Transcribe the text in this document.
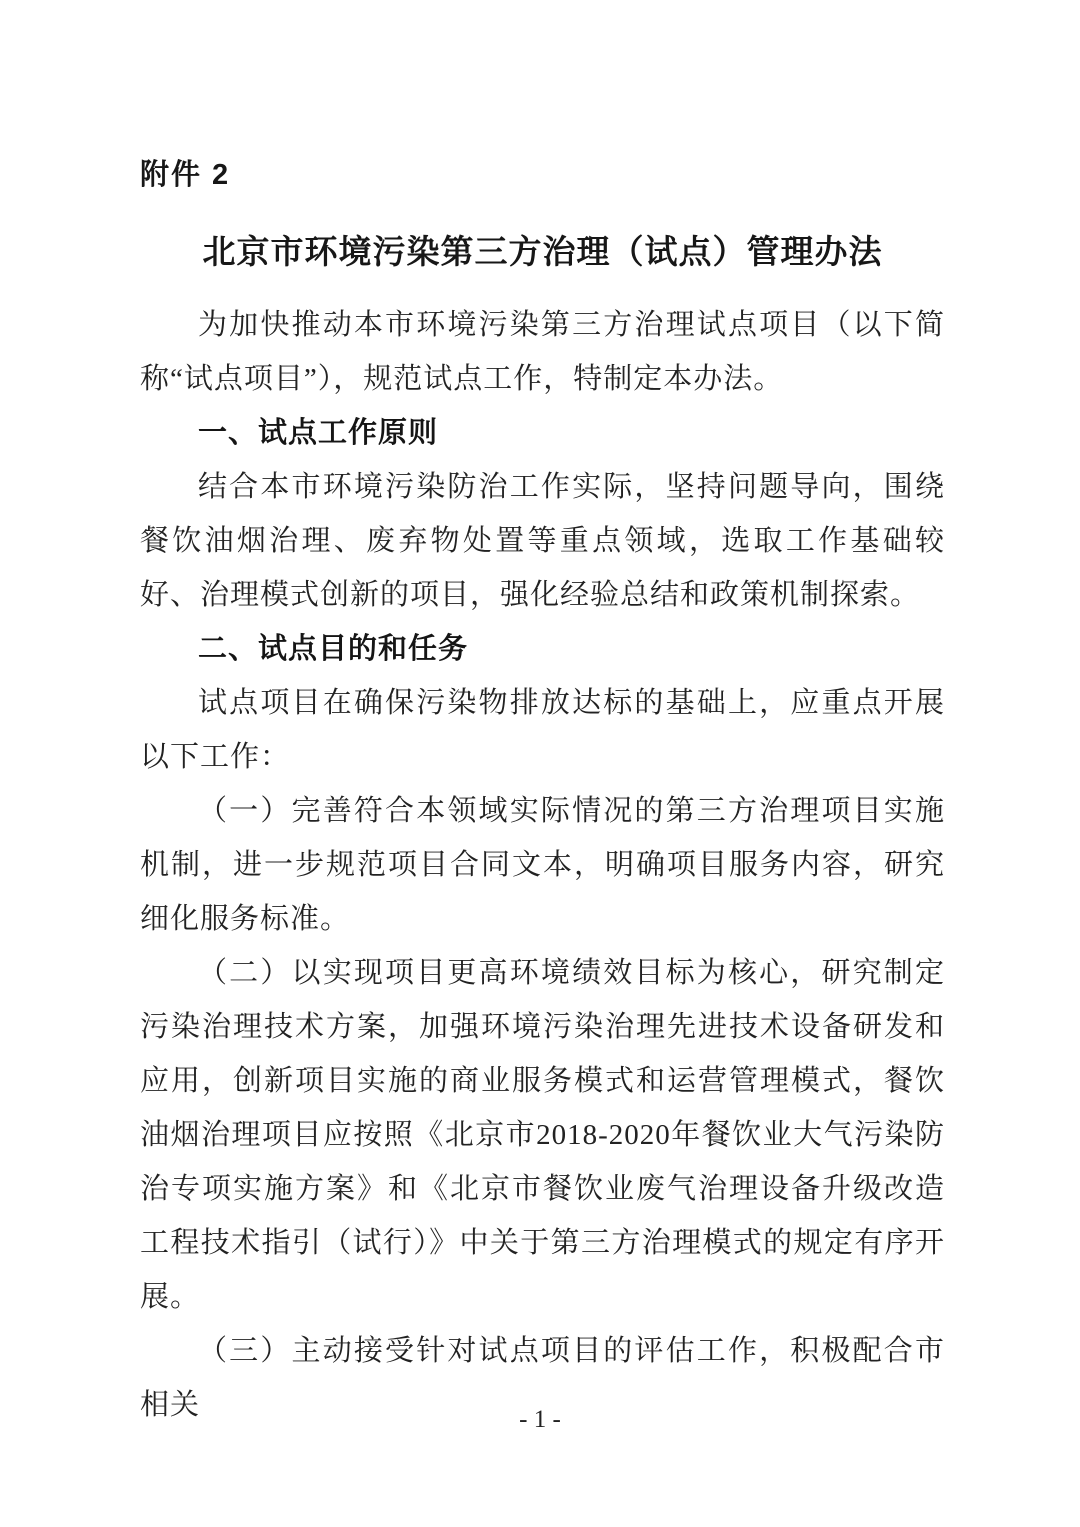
附件 2
北京市环境污染第三方治理（试点）管理办法

为加快推动本市环境污染第三方治理试点项目（以下简称“试点项目”），规范试点工作，特制定本办法。

一、试点工作原则

结合本市环境污染防治工作实际，坚持问题导向，围绕餐饮油烟治理、废弃物处置等重点领域，选取工作基础较好、治理模式创新的项目，强化经验总结和政策机制探索。

二、试点目的和任务

试点项目在确保污染物排放达标的基础上，应重点开展以下工作：

（一）完善符合本领域实际情况的第三方治理项目实施机制，进一步规范项目合同文本，明确项目服务内容，研究细化服务标准。

（二）以实现项目更高环境绩效目标为核心，研究制定污染治理技术方案，加强环境污染治理先进技术设备研发和应用，创新项目实施的商业服务模式和运营管理模式，餐饮油烟治理项目应按照《北京市2018-2020年餐饮业大气污染防治专项实施方案》和《北京市餐饮业废气治理设备升级改造工程技术指引（试行）》中关于第三方治理模式的规定有序开展。

（三）主动接受针对试点项目的评估工作，积极配合市相关	- 1 -
